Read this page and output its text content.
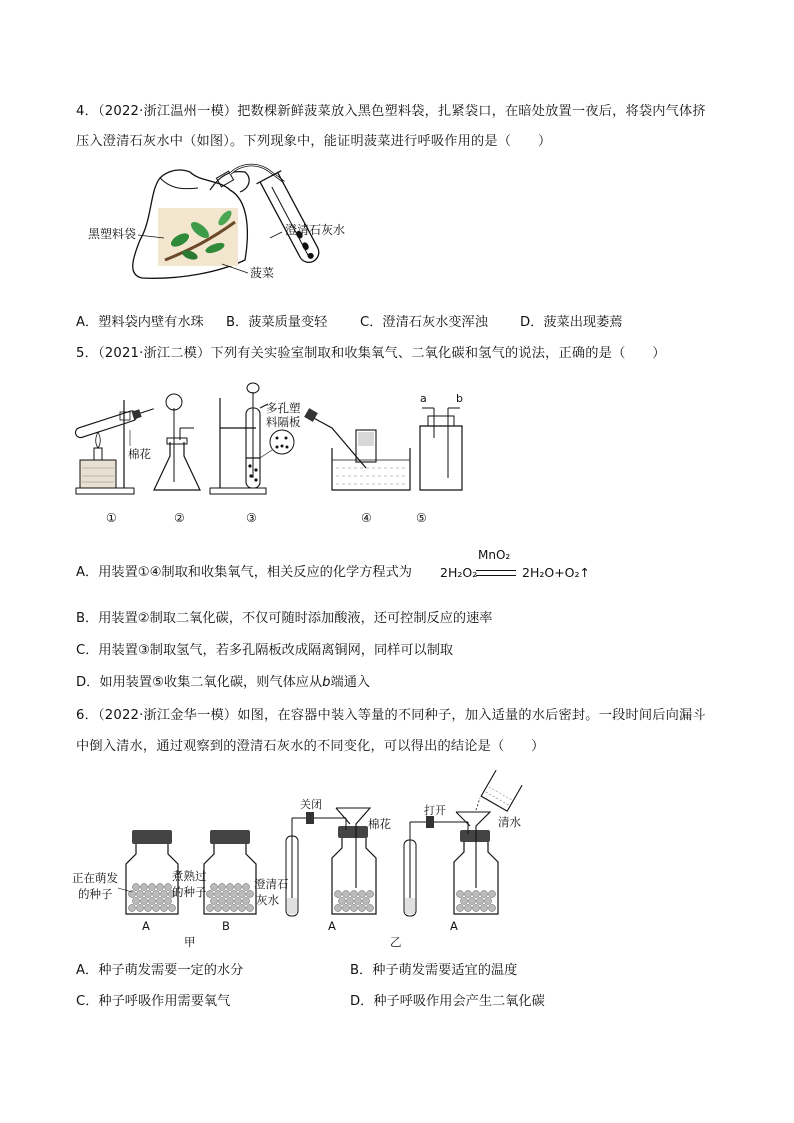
4．（2022·浙江温州一模）把数棵新鲜菠菜放入黑色塑料袋，扎紧袋口，在暗处放置一夜后，将袋内气体挤
压入澄清石灰水中（如图）。下列现象中，能证明菠菜进行呼吸作用的是（　　）
黑塑料袋	澄清石灰水
菠菜
A．塑料袋内壁有水珠 B．菠菜质量变轻 C．澄清石灰水变浑浊 D．菠菜出现萎蔫
5．（2021·浙江二模）下列有关实验室制取和收集氧气、二氧化碳和氢气的说法，正确的是（　　）
棉花
多孔塑
料隔板
a	b
①	②	③	④	⑤
A．用装置①④制取和收集氧气，相关反应的化学方程式为 2H₂O₂
MnO₂
2H₂O+O₂↑
B．用装置②制取二氧化碳，不仅可随时添加酸液，还可控制反应的速率
C．用装置③制取氢气，若多孔隔板改成隔离铜网，同样可以制取
D．如用装置⑤收集二氧化碳，则气体应从b端通入
6．（2022·浙江金华一模）如图，在容器中装入等量的不同种子，加入适量的水后密封。一段时间后向漏斗
中倒入清水，通过观察到的澄清石灰水的不同变化，可以得出的结论是（　　）
正在萌发
的种子
A
煮熟过
的种子
B
甲
关闭
棉花
澄清石
灰水
A
打开
清水
A
乙
A．种子萌发需要一定的水分	B．种子萌发需要适宜的温度
C．种子呼吸作用需要氧气	D．种子呼吸作用会产生二氧化碳
